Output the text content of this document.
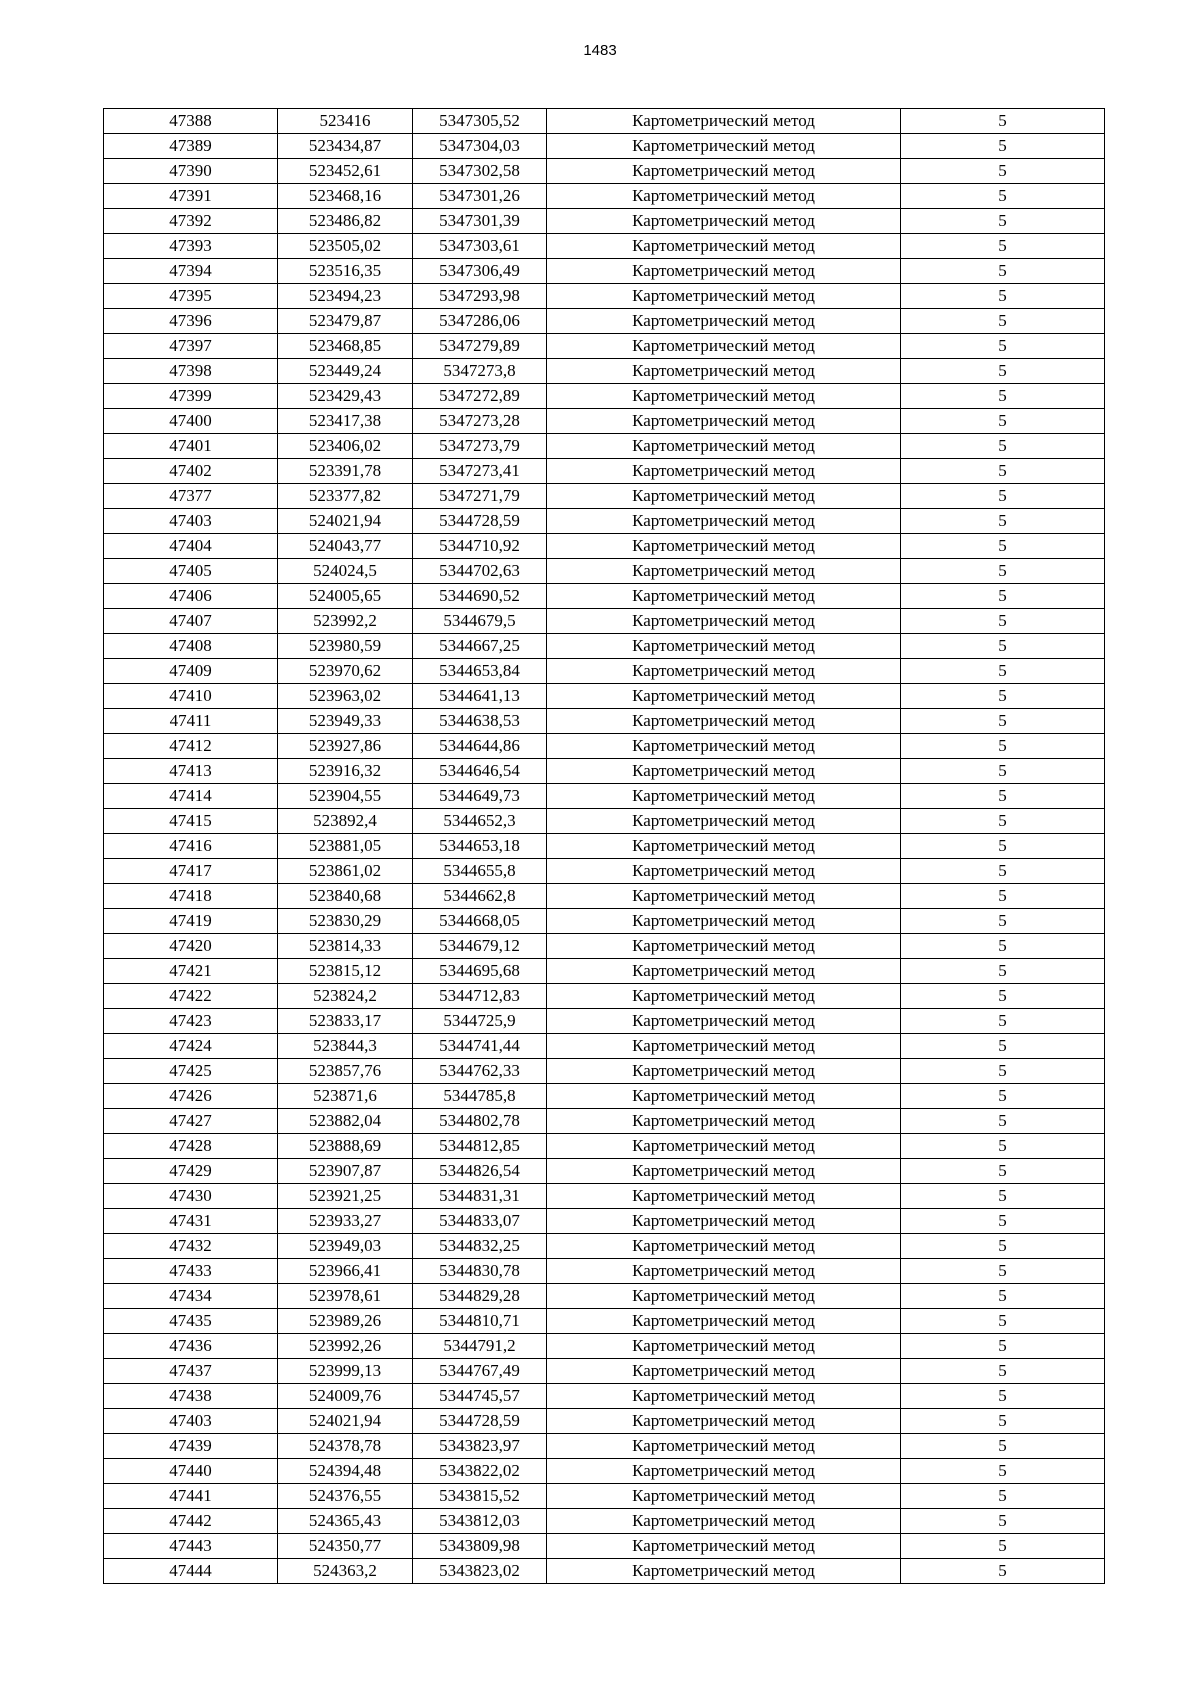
1483
47388	523416	5347305,52	Картометрический метод	5
47389	523434,87	5347304,03	Картометрический метод	5
47390	523452,61	5347302,58	Картометрический метод	5
47391	523468,16	5347301,26	Картометрический метод	5
47392	523486,82	5347301,39	Картометрический метод	5
47393	523505,02	5347303,61	Картометрический метод	5
47394	523516,35	5347306,49	Картометрический метод	5
47395	523494,23	5347293,98	Картометрический метод	5
47396	523479,87	5347286,06	Картометрический метод	5
47397	523468,85	5347279,89	Картометрический метод	5
47398	523449,24	5347273,8	Картометрический метод	5
47399	523429,43	5347272,89	Картометрический метод	5
47400	523417,38	5347273,28	Картометрический метод	5
47401	523406,02	5347273,79	Картометрический метод	5
47402	523391,78	5347273,41	Картометрический метод	5
47377	523377,82	5347271,79	Картометрический метод	5
47403	524021,94	5344728,59	Картометрический метод	5
47404	524043,77	5344710,92	Картометрический метод	5
47405	524024,5	5344702,63	Картометрический метод	5
47406	524005,65	5344690,52	Картометрический метод	5
47407	523992,2	5344679,5	Картометрический метод	5
47408	523980,59	5344667,25	Картометрический метод	5
47409	523970,62	5344653,84	Картометрический метод	5
47410	523963,02	5344641,13	Картометрический метод	5
47411	523949,33	5344638,53	Картометрический метод	5
47412	523927,86	5344644,86	Картометрический метод	5
47413	523916,32	5344646,54	Картометрический метод	5
47414	523904,55	5344649,73	Картометрический метод	5
47415	523892,4	5344652,3	Картометрический метод	5
47416	523881,05	5344653,18	Картометрический метод	5
47417	523861,02	5344655,8	Картометрический метод	5
47418	523840,68	5344662,8	Картометрический метод	5
47419	523830,29	5344668,05	Картометрический метод	5
47420	523814,33	5344679,12	Картометрический метод	5
47421	523815,12	5344695,68	Картометрический метод	5
47422	523824,2	5344712,83	Картометрический метод	5
47423	523833,17	5344725,9	Картометрический метод	5
47424	523844,3	5344741,44	Картометрический метод	5
47425	523857,76	5344762,33	Картометрический метод	5
47426	523871,6	5344785,8	Картометрический метод	5
47427	523882,04	5344802,78	Картометрический метод	5
47428	523888,69	5344812,85	Картометрический метод	5
47429	523907,87	5344826,54	Картометрический метод	5
47430	523921,25	5344831,31	Картометрический метод	5
47431	523933,27	5344833,07	Картометрический метод	5
47432	523949,03	5344832,25	Картометрический метод	5
47433	523966,41	5344830,78	Картометрический метод	5
47434	523978,61	5344829,28	Картометрический метод	5
47435	523989,26	5344810,71	Картометрический метод	5
47436	523992,26	5344791,2	Картометрический метод	5
47437	523999,13	5344767,49	Картометрический метод	5
47438	524009,76	5344745,57	Картометрический метод	5
47403	524021,94	5344728,59	Картометрический метод	5
47439	524378,78	5343823,97	Картометрический метод	5
47440	524394,48	5343822,02	Картометрический метод	5
47441	524376,55	5343815,52	Картометрический метод	5
47442	524365,43	5343812,03	Картометрический метод	5
47443	524350,77	5343809,98	Картометрический метод	5
47444	524363,2	5343823,02	Картометрический метод	5
